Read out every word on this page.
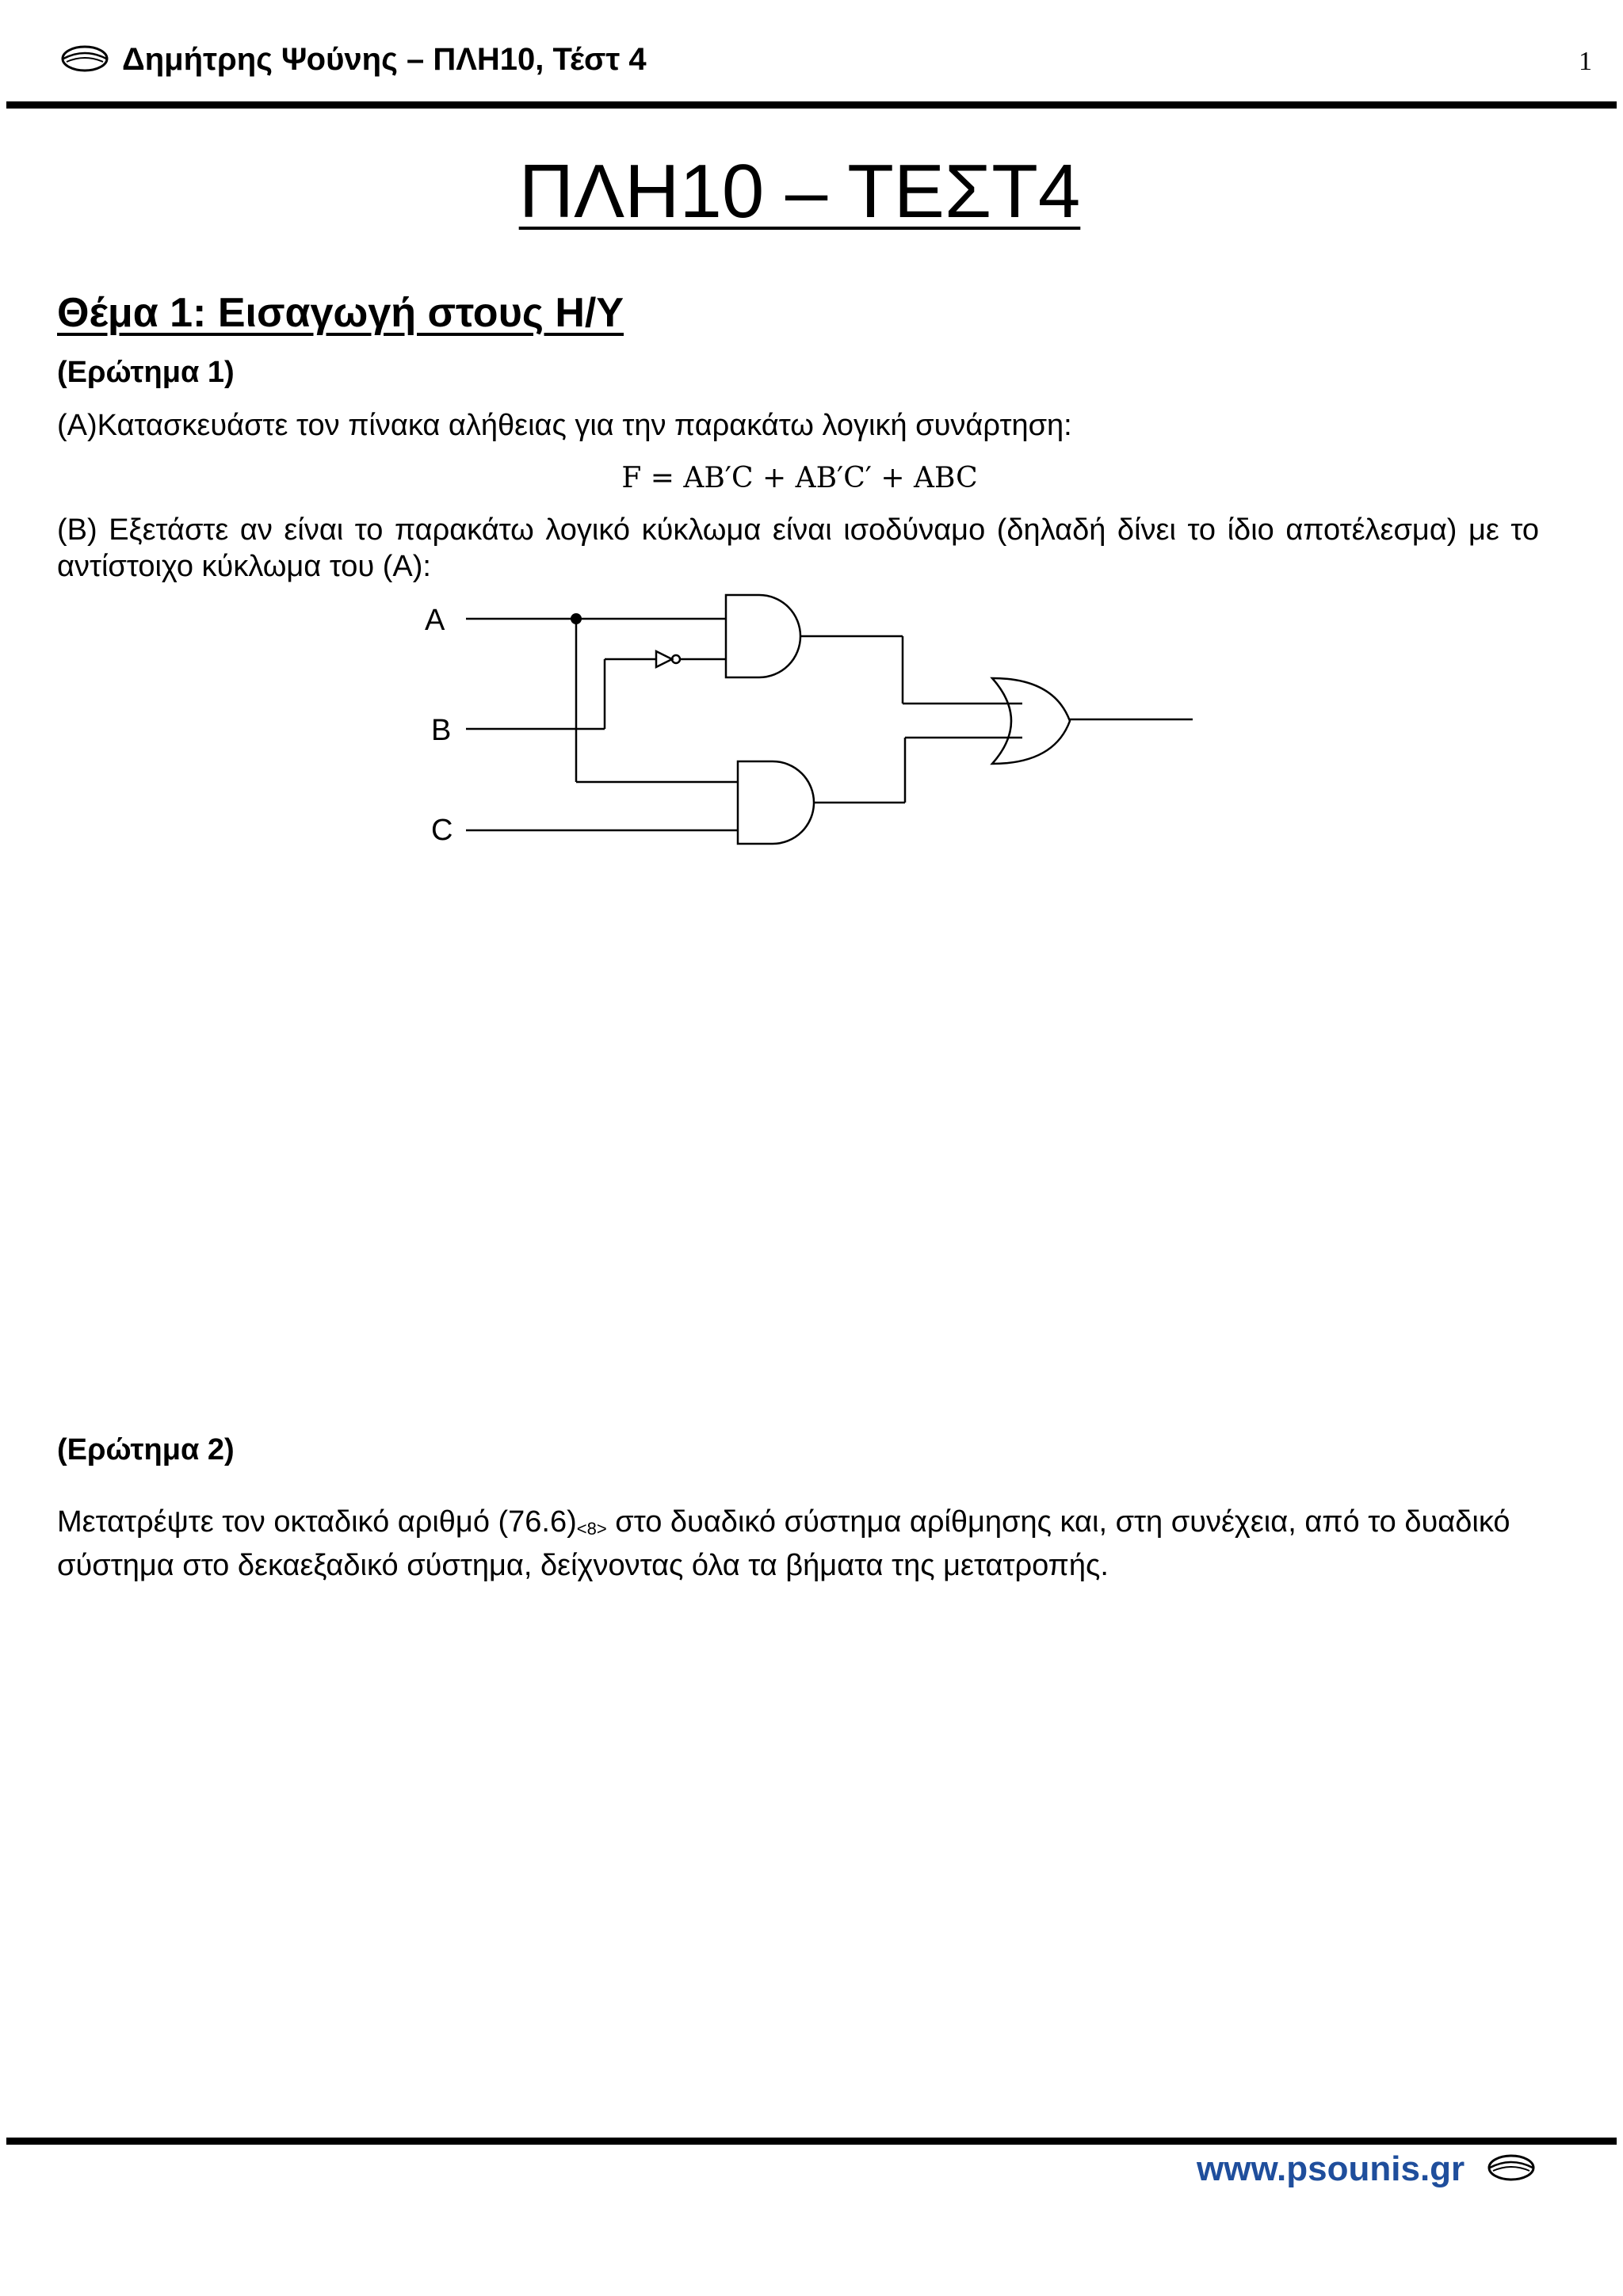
Δημήτρης Ψούνης – ΠΛΗ10, Τέστ 4	1
ΠΛΗ10 – ΤΕΣΤ4
Θέμα 1: Εισαγωγή στους Η/Υ
(Ερώτημα 1)
(Α)Κατασκευάστε τον πίνακα αλήθειας για την παρακάτω λογική συνάρτηση:
F = AB′C + AB′C′ + ABC
(Β) Εξετάστε αν είναι το παρακάτω λογικό κύκλωμα είναι ισοδύναμο (δηλαδή δίνει το ίδιο αποτέλεσμα) με το αντίστοιχο κύκλωμα του (Α):
A
B
C
(Ερώτημα 2)
Μετατρέψτε τον οκταδικό αριθμό $(76.6)_{<8>}$ στο δυαδικό σύστημα αρίθμησης και, στη συνέχεια, από το δυαδικό σύστημα στο δεκαεξαδικό σύστημα, δείχνοντας όλα τα βήματα της μετατροπής.
www.psounis.gr
